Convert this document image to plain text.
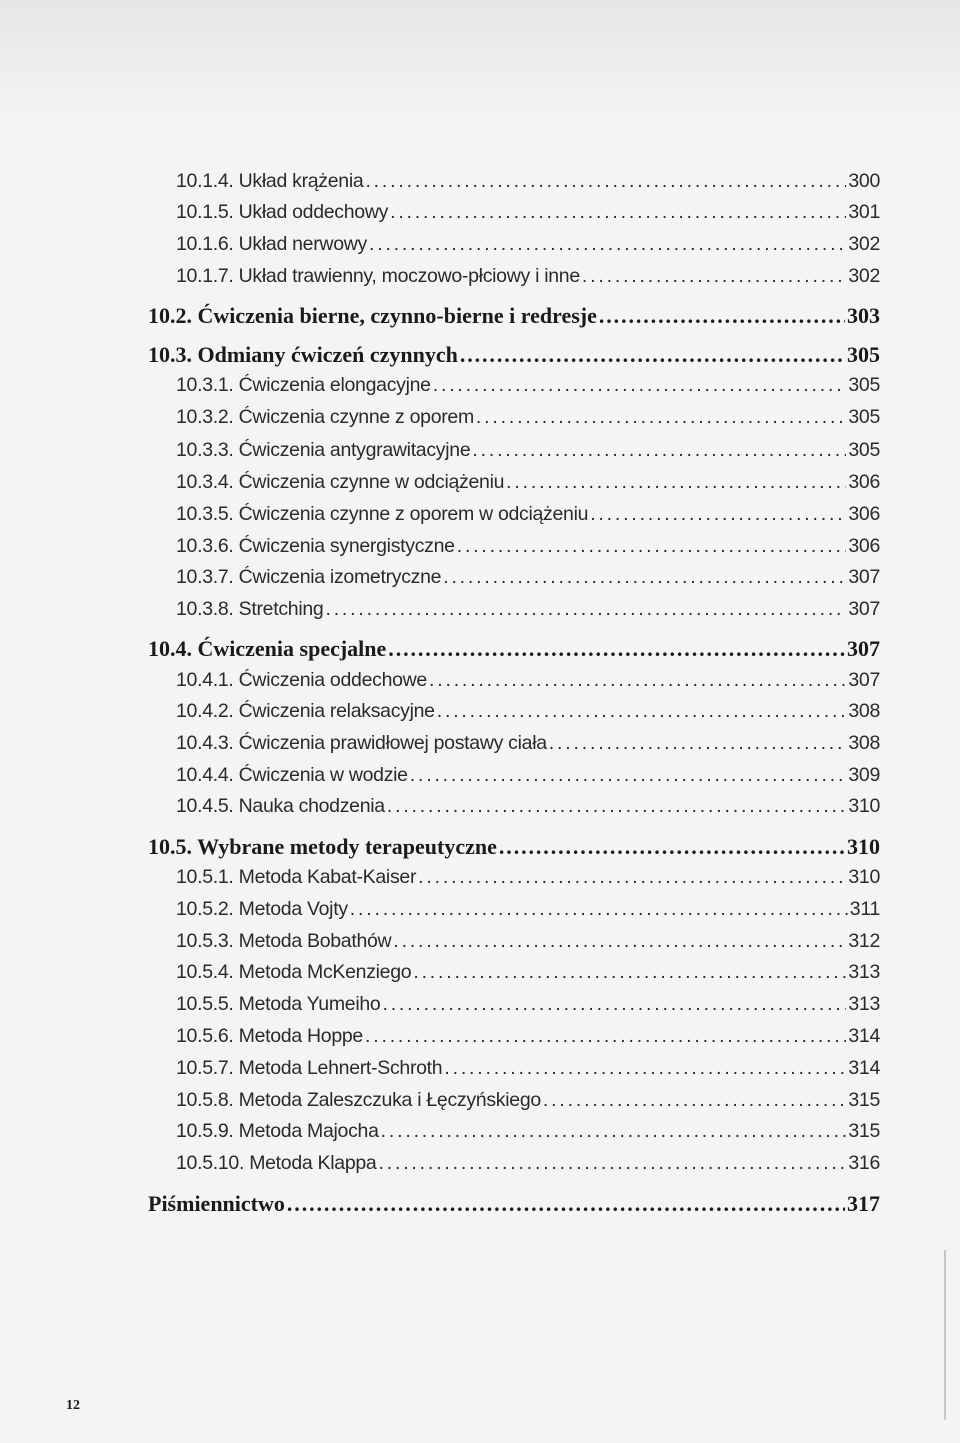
10.1.4. Układ krążenia . . .	300
10.1.5. Układ oddechowy . . .	301
10.1.6. Układ nerwowy . . .	302
10.1.7. Układ trawienny, moczowo-płciowy i inne . . .	302
10.2. Ćwiczenia bierne, czynno-bierne i redresje . . .	303
10.3. Odmiany ćwiczeń czynnych . . .	305
10.3.1. Ćwiczenia elongacyjne . . .	305
10.3.2. Ćwiczenia czynne z oporem . . .	305
10.3.3. Ćwiczenia antygrawitacyjne . . .	305
10.3.4. Ćwiczenia czynne w odciążeniu . . .	306
10.3.5. Ćwiczenia czynne z oporem w odciążeniu . . .	306
10.3.6. Ćwiczenia synergistyczne . . .	306
10.3.7. Ćwiczenia izometryczne . . .	307
10.3.8. Stretching . . .	307
10.4. Ćwiczenia specjalne . . .	307
10.4.1. Ćwiczenia oddechowe . . .	307
10.4.2. Ćwiczenia relaksacyjne . . .	308
10.4.3. Ćwiczenia prawidłowej postawy ciała . . .	308
10.4.4. Ćwiczenia w wodzie . . .	309
10.4.5. Nauka chodzenia . . .	310
10.5. Wybrane metody terapeutyczne . . .	310
10.5.1. Metoda Kabat-Kaiser . . .	310
10.5.2. Metoda Vojty . . .	311
10.5.3. Metoda Bobathów . . .	312
10.5.4. Metoda McKenziego . . .	313
10.5.5. Metoda Yumeiho . . .	313
10.5.6. Metoda Hoppe . . .	314
10.5.7. Metoda Lehnert-Schroth . . .	314
10.5.8. Metoda Zaleszczuka i Łęczyńskiego . . .	315
10.5.9. Metoda Majocha . . .	315
10.5.10. Metoda Klappa . . .	316
Piśmiennictwo . . .	317
12
